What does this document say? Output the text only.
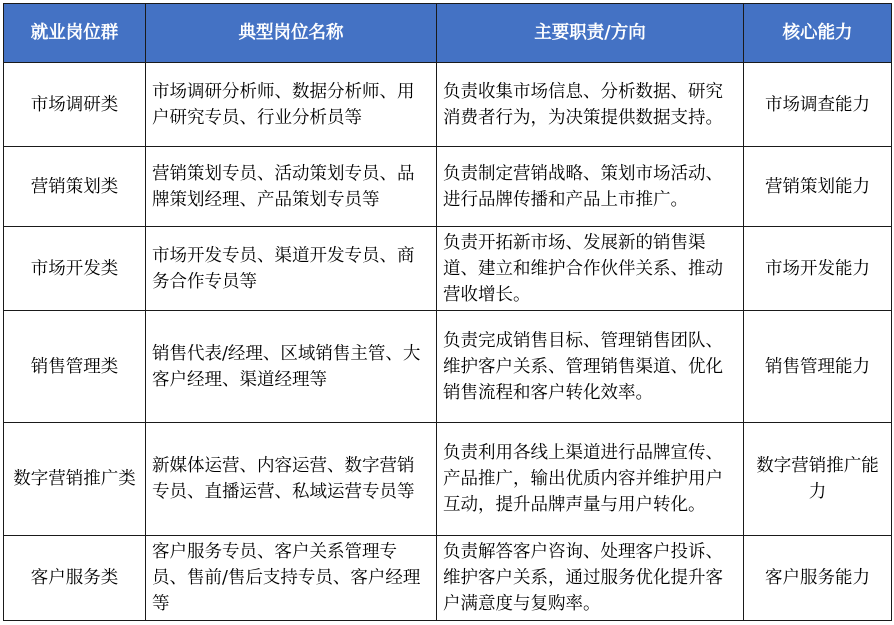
就业岗位群	典型岗位名称	主要职责/方向	核心能力
市场调研类	市场调研分析师、数据分析师、用户研究专员、行业分析员等	负责收集市场信息、分析数据、研究消费者行为，为决策提供数据支持。	市场调查能力
营销策划类	营销策划专员、活动策划专员、品牌策划经理、产品策划专员等	负责制定营销战略、策划市场活动、进行品牌传播和产品上市推广。	营销策划能力
市场开发类	市场开发专员、渠道开发专员、商务合作专员等	负责开拓新市场、发展新的销售渠道、建立和维护合作伙伴关系、推动营收增长。	市场开发能力
销售管理类	销售代表/经理、区域销售主管、大客户经理、渠道经理等	负责完成销售目标、管理销售团队、维护客户关系、管理销售渠道、优化销售流程和客户转化效率。	销售管理能力
数字营销推广类	新媒体运营、内容运营、数字营销专员、直播运营、私域运营专员等	负责利用各线上渠道进行品牌宣传、产品推广，输出优质内容并维护用户互动，提升品牌声量与用户转化。	数字营销推广能力
客户服务类	客户服务专员、客户关系管理专员、售前/售后支持专员、客户经理等	负责解答客户咨询、处理客户投诉、维护客户关系，通过服务优化提升客户满意度与复购率。	客户服务能力
